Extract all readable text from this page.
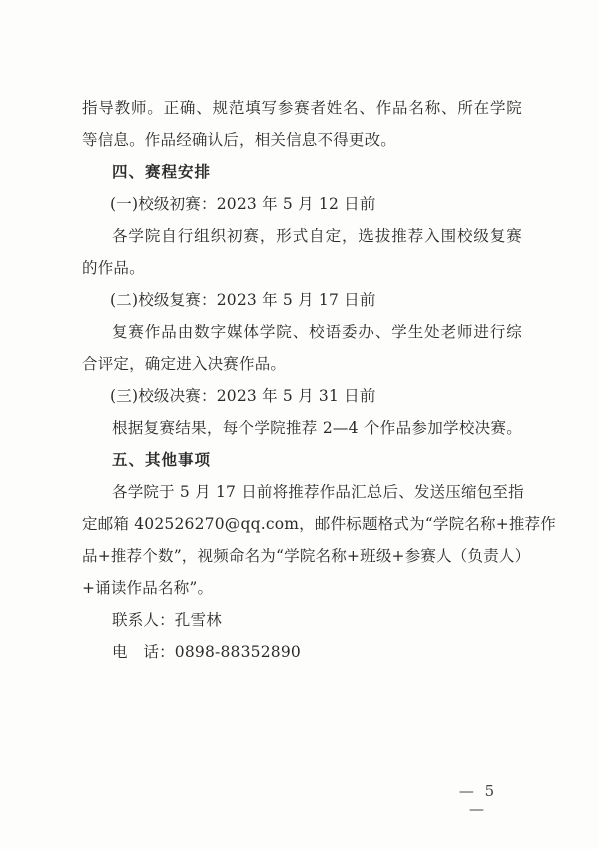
指导教师。正确、规范填写参赛者姓名、作品名称、所在学院
等信息。作品经确认后，相关信息不得更改。
四、赛程安排
(一)校级初赛：2023 年 5 月 12 日前
各学院自行组织初赛，形式自定，选拔推荐入围校级复赛
的作品。
(二)校级复赛：2023 年 5 月 17 日前
复赛作品由数字媒体学院、校语委办、学生处老师进行综
合评定，确定进入决赛作品。
(三)校级决赛：2023 年 5 月 31 日前
根据复赛结果，每个学院推荐 2—4 个作品参加学校决赛。
五、其他事项
各学院于 5 月 17 日前将推荐作品汇总后、发送压缩包至指
定邮箱 402526270@qq.com，邮件标题格式为“学院名称+推荐作
品+推荐个数”，视频命名为“学院名称+班级+参赛人（负责人）
+诵读作品名称”。
联系人：孔雪林
电　话：0898-88352890
— 5 —
